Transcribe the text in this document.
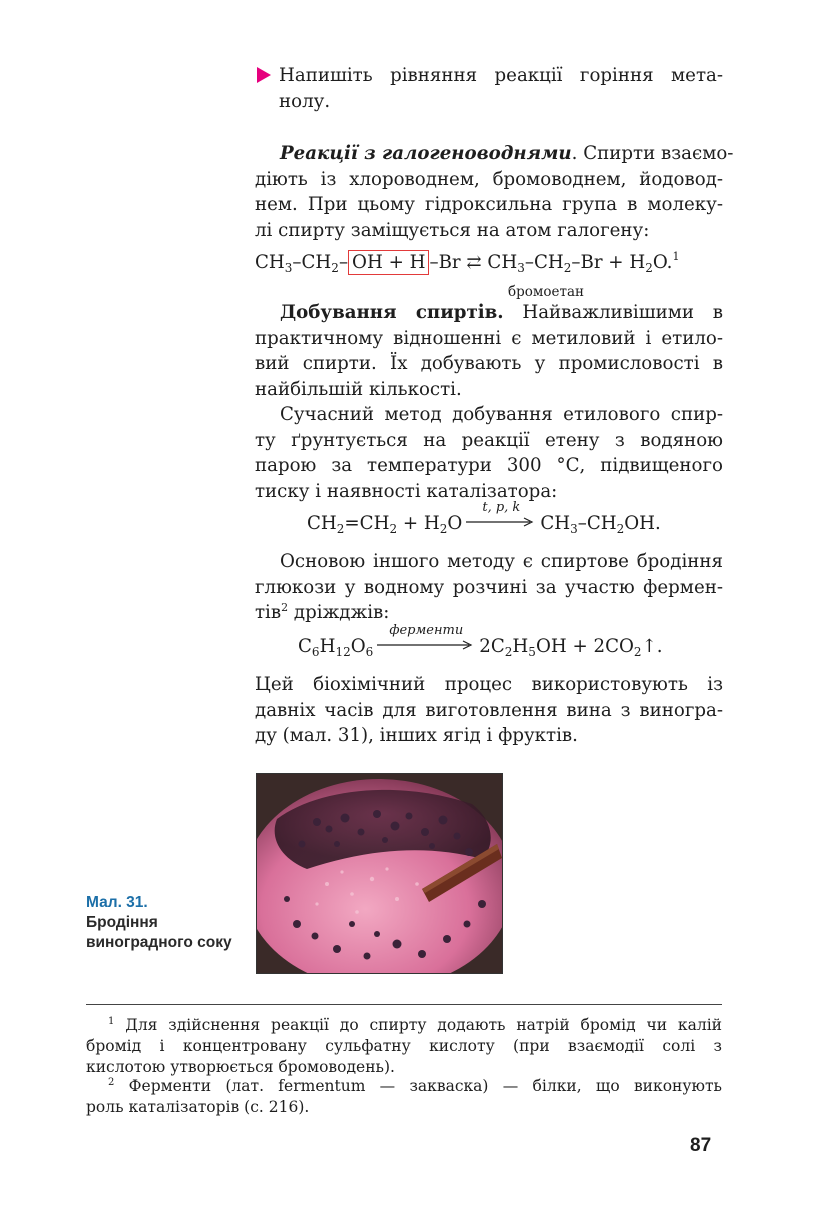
Напишіть рівняння реакції горіння мета-
нолу.
Реакції з галогеноводнями. Спирти взаємо-
діють із хлороводнем, бромоводнем, йодовод-
нем. При цьому гідроксильна група в молеку-
лі спирту заміщується на атом галогену:
$CH_3-CH_2-$ OH + H –Br ⇄ $CH_3-CH_2-Br + H_2O.^1$
бромоетан
Добування спиртів. Найважливішими в
практичному відношенні є метиловий і етило-
вий спирти. Їх добувають у промисловості в
найбільшій кількості.
Сучасний метод добування етилового спир-
ту ґрунтується на реакції етену з водяною
парою за температури 300 °С, підвищеного
тиску і наявності каталізатора:
$CH_2=CH_2 + H_2O$
t, p, k
$CH_3-CH_2OH$.
Основою іншого методу є спиртове бродіння
глюкози у водному розчині за участю фермен-
тів$^2$ дріжджів:
$C_6H_{12}O_6$
ферменти
$2C_2H_5OH$ + $2CO_2↑$.
Цей біохімічний процес використовують із
давніх часів для виготовлення вина з виногра-
ду (мал. 31), інших ягід і фруктів.
Мал. 31.
Бродіння виноградного соку
$^1$ Для здійснення реакції до спирту додають натрій бромід чи калій
бромід і концентровану сульфатну кислоту (при взаємодії солі з
кислотою утворюється бромоводень).
$^2$ Ферменти (лат. fermentum — закваска) — білки, що виконують
роль каталізаторів (с. 216).
87
